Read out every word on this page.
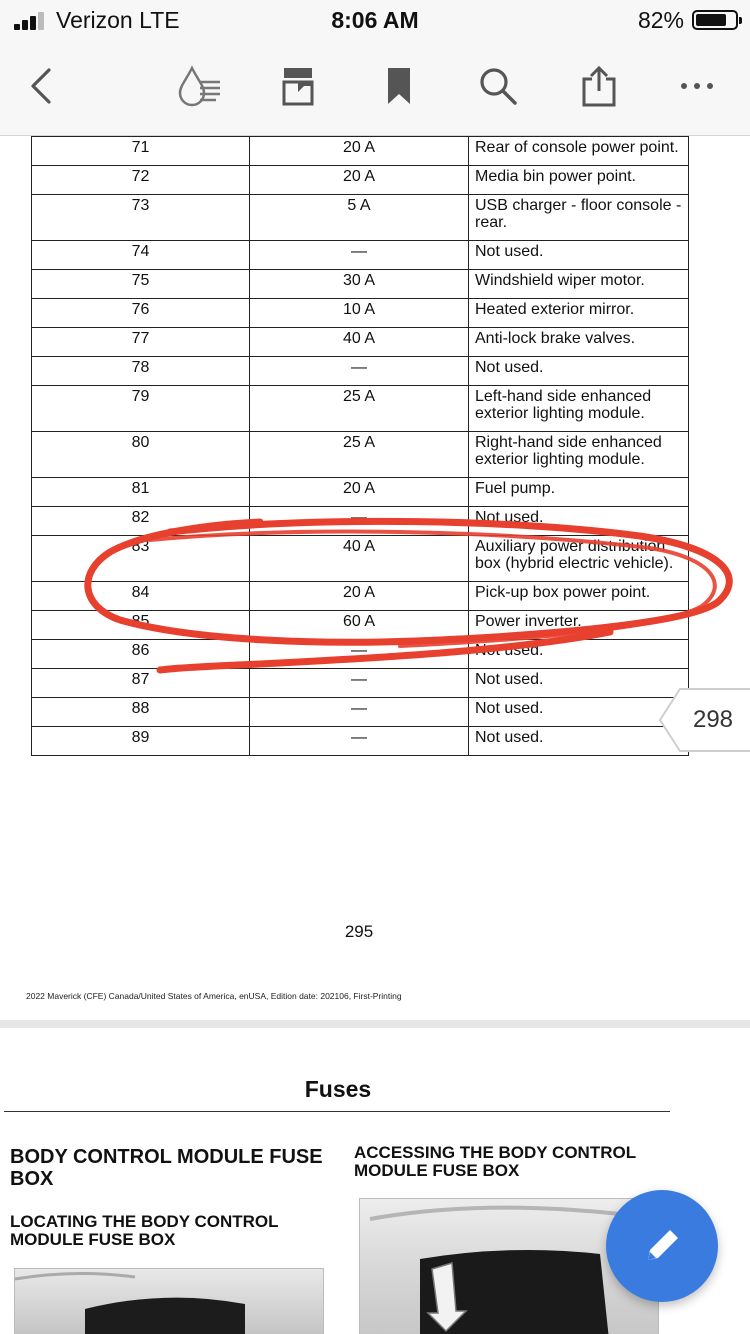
Verizon LTE	8:06 AM	82%
71	20 A	Rear of console power point.
72	20 A	Media bin power point.
73	5 A	USB charger - floor console - rear.
74	—	Not used.
75	30 A	Windshield wiper motor.
76	10 A	Heated exterior mirror.
77	40 A	Anti-lock brake valves.
78	—	Not used.
79	25 A	Left-hand side enhanced exterior lighting module.
80	25 A	Right-hand side enhanced exterior lighting module.
81	20 A	Fuel pump.
82	—	Not used.
83	40 A	Auxiliary power distribution box (hybrid electric vehicle).
84	20 A	Pick-up box power point.
85	60 A	Power inverter.
86	—	Not used.
87	—	Not used.
88	—	Not used.
89	—	Not used.
295
2022 Maverick (CFE) Canada/United States of America, enUSA, Edition date: 202106, First-Printing
298
Fuses
BODY CONTROL MODULE FUSE BOX
LOCATING THE BODY CONTROL MODULE FUSE BOX
ACCESSING THE BODY CONTROL MODULE FUSE BOX
